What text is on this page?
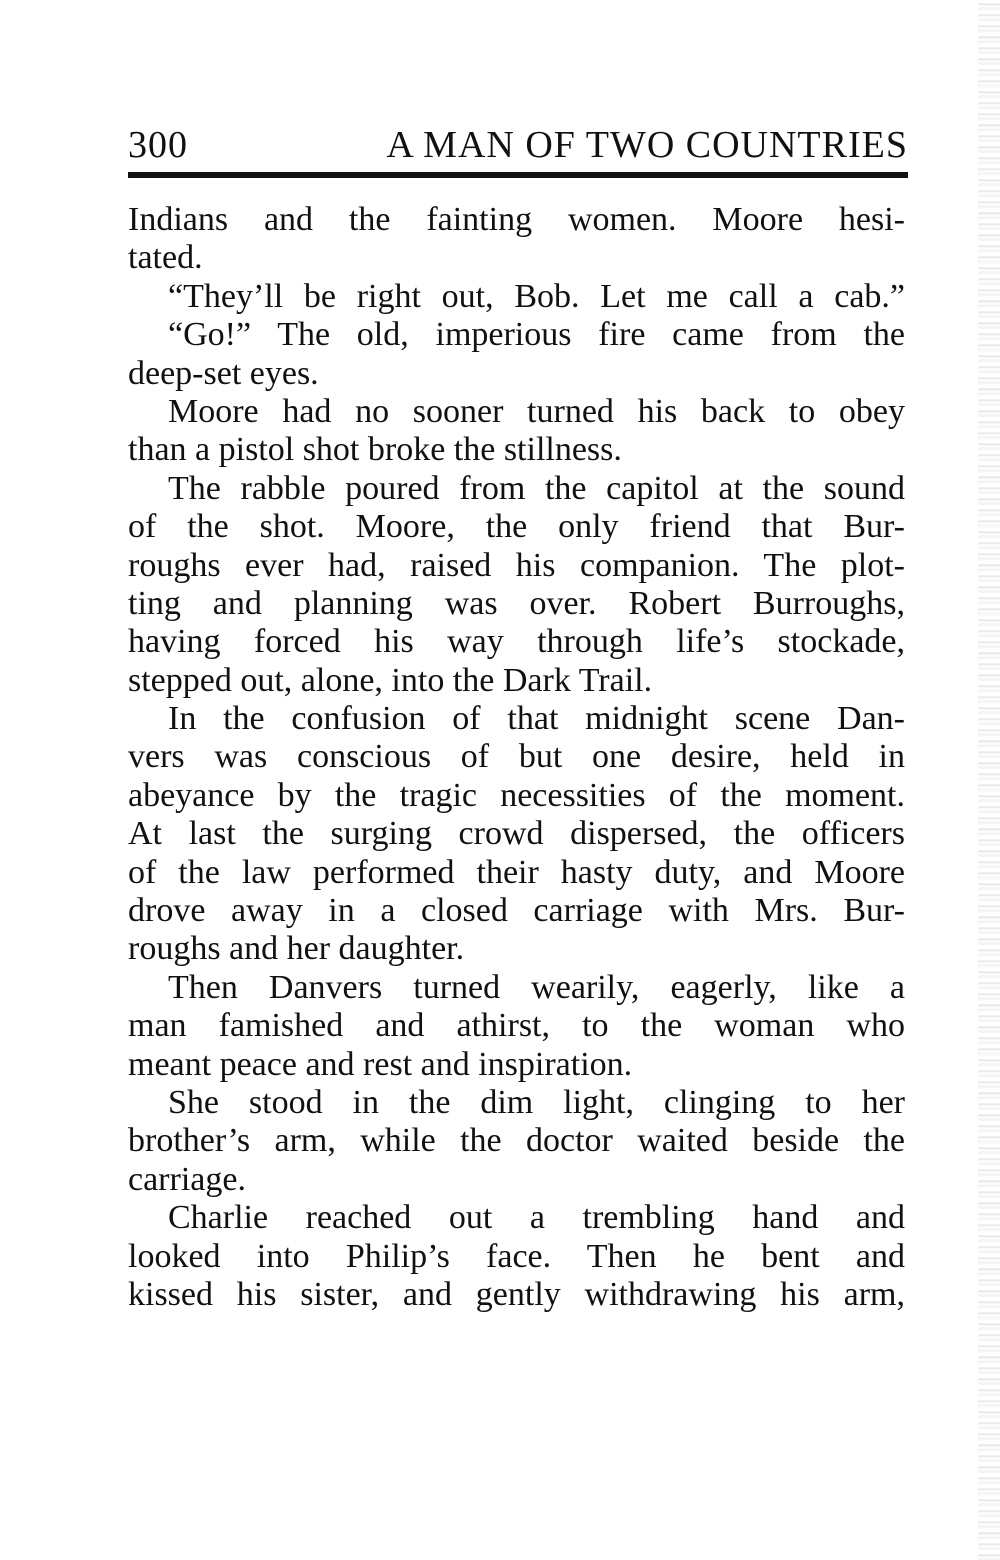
300	A MAN OF TWO COUNTRIES
Indians and the fainting women. Moore hesi-
tated.
“They’ll be right out, Bob. Let me call a cab.”
“Go!” The old, imperious fire came from the
deep-set eyes.
Moore had no sooner turned his back to obey
than a pistol shot broke the stillness.
The rabble poured from the capitol at the sound
of the shot. Moore, the only friend that Bur-
roughs ever had, raised his companion. The plot-
ting and planning was over. Robert Burroughs,
having forced his way through life’s stockade,
stepped out, alone, into the Dark Trail.
In the confusion of that midnight scene Dan-
vers was conscious of but one desire, held in
abeyance by the tragic necessities of the moment.
At last the surging crowd dispersed, the officers
of the law performed their hasty duty, and Moore
drove away in a closed carriage with Mrs. Bur-
roughs and her daughter.
Then Danvers turned wearily, eagerly, like a
man famished and athirst, to the woman who
meant peace and rest and inspiration.
She stood in the dim light, clinging to her
brother’s arm, while the doctor waited beside the
carriage.
Charlie reached out a trembling hand and
looked into Philip’s face. Then he bent and
kissed his sister, and gently withdrawing his arm,
